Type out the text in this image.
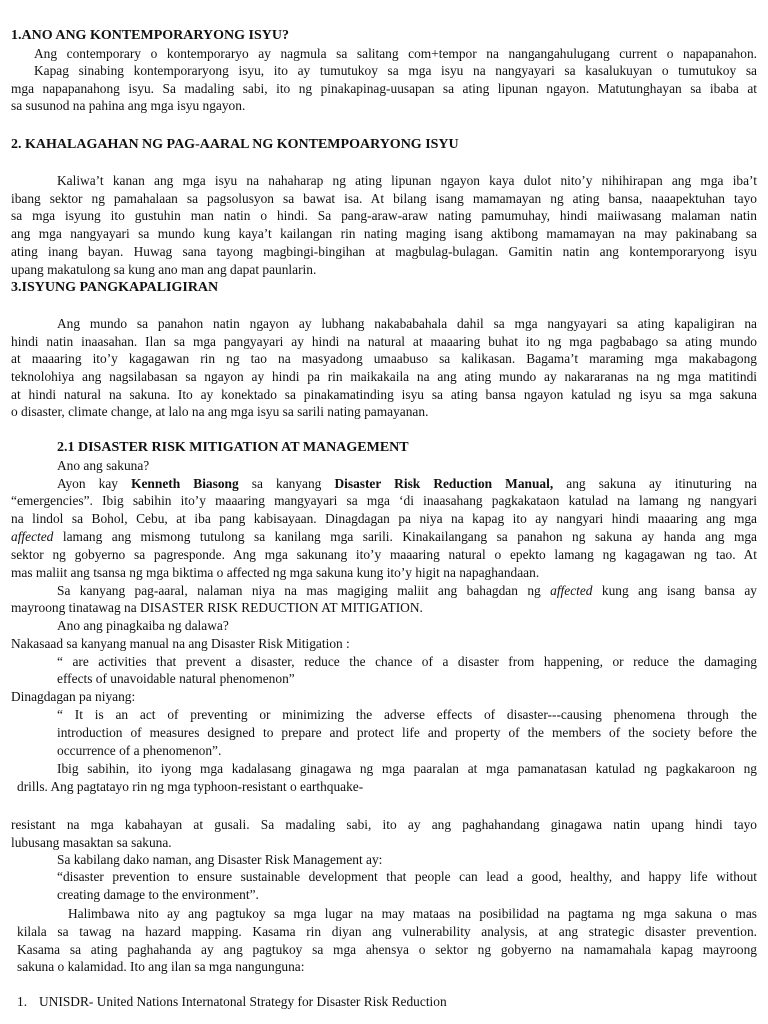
1.ANO ANG KONTEMPORARYONG ISYU?

Ang contemporary o kontemporaryo ay nagmula sa salitang com+tempor na nangangahulugang current o napapanahon.

Kapag sinabing kontemporaryong isyu, ito ay tumutukoy sa mga isyu na nangyayari sa kasalukuyan o tumutukoy sa

mga napapanahong isyu. Sa madaling sabi, ito ng pinakapinag-uusapan sa ating lipunan ngayon. Matutunghayan sa ibaba at

sa susunod na pahina ang mga isyu ngayon.

2. KAHALAGAHAN NG PAG-AARAL NG KONTEMPOARYONG ISYU

Kaliwa’t kanan ang mga isyu na nahaharap ng ating lipunan ngayon kaya dulot nito’y nihihirapan ang mga iba’t

ibang sektor ng pamahalaan sa pagsolusyon sa bawat isa. At bilang isang mamamayan ng ating bansa, naaapektuhan tayo

sa mga isyung ito gustuhin man natin o hindi. Sa pang-araw-araw nating pamumuhay, hindi maiiwasang malaman natin

ang mga nangyayari sa mundo kung kaya’t kailangan rin nating maging isang aktibong mamamayan na may pakinabang sa

ating inang bayan. Huwag sana tayong magbingi-bingihan at magbulag-bulagan. Gamitin natin ang kontemporaryong isyu

upang makatulong sa kung ano man ang dapat paunlarin.

3.ISYUNG PANGKAPALIGIRAN

Ang mundo sa panahon natin ngayon ay lubhang nakababahala dahil sa mga nangyayari sa ating kapaligiran na

hindi natin inaasahan. Ilan sa mga pangyayari ay hindi na natural at maaaring buhat ito ng mga pagbabago sa ating mundo

at maaaring ito’y kagagawan rin ng tao na masyadong umaabuso sa kalikasan. Bagama’t maraming mga makabagong

teknolohiya ang nagsilabasan sa ngayon ay hindi pa rin maikakaila na ang ating mundo ay nakararanas na ng mga matitindi

at hindi natural na sakuna. Ito ay konektado sa pinakamatinding isyu sa ating bansa ngayon katulad ng isyu sa mga sakuna

o disaster, climate change, at lalo na ang mga isyu sa sarili nating pamayanan.

2.1 DISASTER RISK MITIGATION AT MANAGEMENT

Ano ang sakuna?

Ayon kay Kenneth Biasong sa kanyang Disaster Risk Reduction Manual, ang sakuna ay itinuturing na

“emergencies”. Ibig sabihin ito’y maaaring mangyayari sa mga ‘di inaasahang pagkakataon katulad na lamang ng nangyari

na lindol sa Bohol, Cebu, at iba pang kabisayaan. Dinagdagan pa niya na kapag ito ay nangyari hindi maaaring ang mga

affected lamang ang mismong tutulong sa kanilang mga sarili. Kinakailangang sa panahon ng sakuna ay handa ang mga

sektor ng gobyerno sa pagresponde. Ang mga sakunang ito’y maaaring natural o epekto lamang ng kagagawan ng tao. At

mas maliit ang tsansa ng mga biktima o affected ng mga sakuna kung ito’y higit na napaghandaan.

Sa kanyang pag-aaral, nalaman niya na mas magiging maliit ang bahagdan ng affected kung ang isang bansa ay

mayroong tinatawag na DISASTER RISK REDUCTION AT MITIGATION.

Ano ang pinagkaiba ng dalawa?

Nakasaad sa kanyang manual na ang Disaster Risk Mitigation :

“ are activities that prevent a disaster, reduce the chance of a disaster from happening, or reduce the damaging

effects of unavoidable natural phenomenon”

Dinagdagan pa niyang:

“ It is an act of preventing or minimizing the adverse effects of disaster---causing phenomena through the

introduction of measures designed to prepare and protect life and property of the members of the society before the

occurrence of a phenomenon”.

Ibig sabihin, ito iyong mga kadalasang ginagawa ng mga paaralan at mga pamanatasan katulad ng pagkakaroon ng

drills. Ang pagtatayo rin ng mga typhoon-resistant o earthquake-

resistant na mga kabahayan at gusali. Sa madaling sabi, ito ay ang paghahandang ginagawa natin upang hindi tayo

lubusang masaktan sa sakuna.

Sa kabilang dako naman, ang Disaster Risk Management ay:

“disaster prevention to ensure sustainable development that people can lead a good, healthy, and happy life without

creating damage to the environment”.

Halimbawa nito ay ang pagtukoy sa mga lugar na may mataas na posibilidad na pagtama ng mga sakuna o mas

kilala sa tawag na hazard mapping. Kasama rin diyan ang vulnerability analysis, at ang strategic disaster prevention.

Kasama sa ating paghahanda ay ang pagtukoy sa mga ahensya o sektor ng gobyerno na namamahala kapag mayroong

sakuna o kalamidad. Ito ang ilan sa mga nangunguna:

1. UNISDR- United Nations Internatonal Strategy for Disaster Risk Reduction
